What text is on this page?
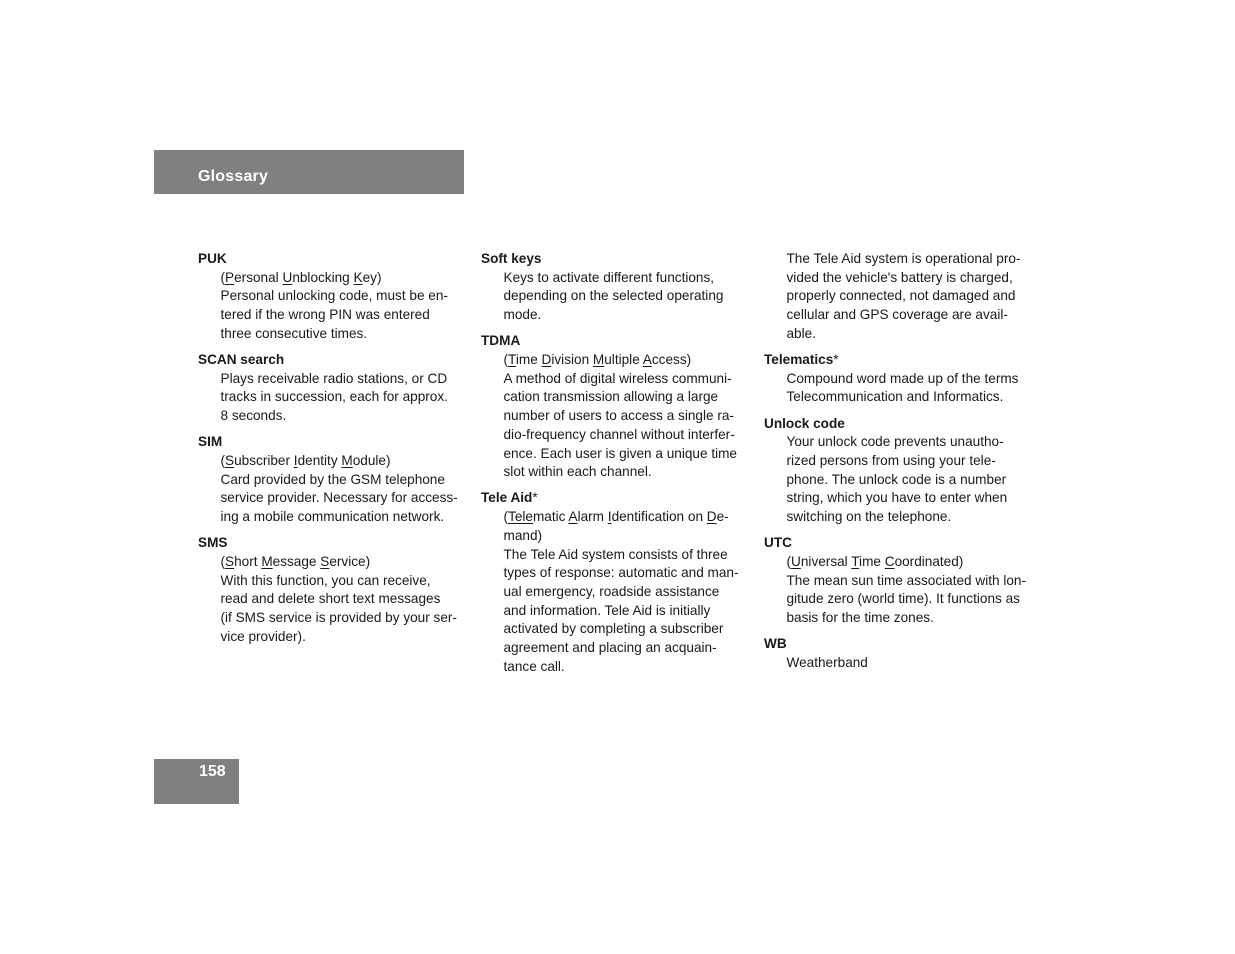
Glossary
PUK
(Personal Unblocking Key)
Personal unlocking code, must be en-
tered if the wrong PIN was entered
three consecutive times.
SCAN search
Plays receivable radio stations, or CD
tracks in succession, each for approx.
8 seconds.
SIM
(Subscriber Identity Module)
Card provided by the GSM telephone
service provider. Necessary for access-
ing a mobile communication network.
SMS
(Short Message Service)
With this function, you can receive,
read and delete short text messages
(if SMS service is provided by your ser-
vice provider).
Soft keys
Keys to activate different functions,
depending on the selected operating
mode.
TDMA
(Time Division Multiple Access)
A method of digital wireless communi-
cation transmission allowing a large
number of users to access a single ra-
dio-frequency channel without interfer-
ence. Each user is given a unique time
slot within each channel.
Tele Aid*
(Telematic Alarm Identification on De-
mand)
The Tele Aid system consists of three
types of response: automatic and man-
ual emergency, roadside assistance
and information. Tele Aid is initially
activated by completing a subscriber
agreement and placing an acquain-
tance call.
The Tele Aid system is operational pro-
vided the vehicle's battery is charged,
properly connected, not damaged and
cellular and GPS coverage are avail-
able.
Telematics*
Compound word made up of the terms
Telecommunication and Informatics.
Unlock code
Your unlock code prevents unautho-
rized persons from using your tele-
phone. The unlock code is a number
string, which you have to enter when
switching on the telephone.
UTC
(Universal Time Coordinated)
The mean sun time associated with lon-
gitude zero (world time). It functions as
basis for the time zones.
WB
Weatherband
158
